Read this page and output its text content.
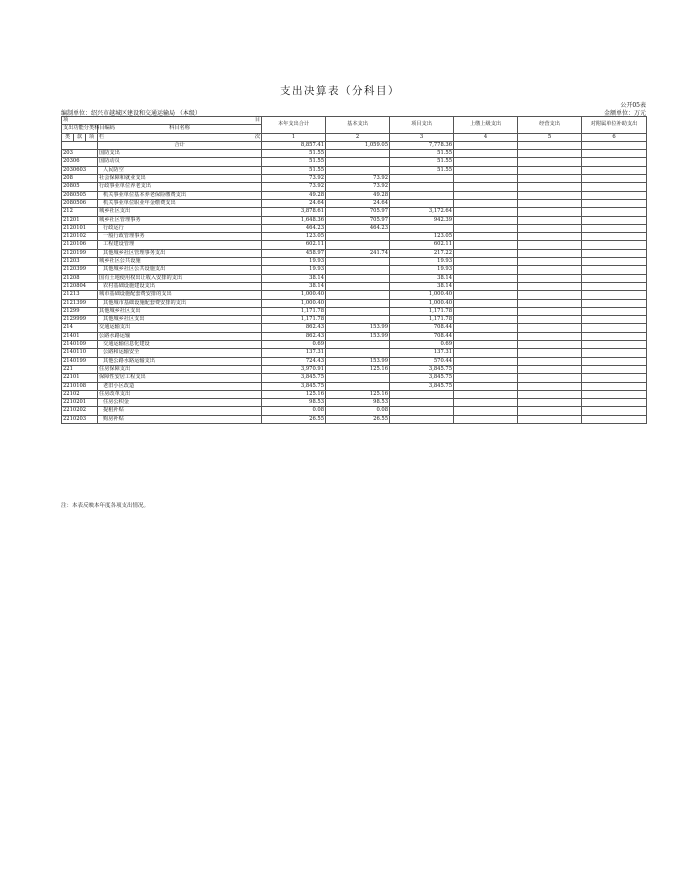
支出决算表（分科目）
公开05表
编制单位：绍兴市越城区建设和交通运输局 （本级）	金额单位：万元
项 目				本年支出合计	基本支出	项目支出	上缴上级支出	经营支出	对附属单位补助支出
支出功能分类科目编码			科目名称						
类	款	项	栏 次	1	2	3	4	5	6
			合计	8,857.41	1,059.05	7,778.36			
203			国防支出	51.55		51.55			
20306			国防动员	51.55		51.55			
2030603			人民防空	51.55		51.55			
208			社会保障和就业支出	73.92	73.92				
20805			行政事业单位养老支出	73.92	73.92				
2080505			机关事业单位基本养老保险缴费支出	49.28	49.28				
2080506			机关事业单位职业年金缴费支出	24.64	24.64				
212			城乡社区支出	3,878.61	705.97	3,172.64			
21201			城乡社区管理事务	1,648.36	705.97	942.39			
2120101			行政运行	464.23	464.23				
2120102			一般行政管理事务	123.05		123.05			
2120106			工程建设管理	602.11		602.11			
2120199			其他城乡社区管理事务支出	458.97	241.74	217.22			
21203			城乡社区公共设施	19.93		19.93			
2120399			其他城乡社区公共设施支出	19.93		19.93			
21208			国有土地使用权出让收入安排的支出	38.14		38.14			
2120804			农村基础设施建设支出	38.14		38.14			
21213			城市基础设施配套费安排的支出	1,000.40		1,000.40			
2121399			其他城市基础设施配套费安排的支出	1,000.40		1,000.40			
21299			其他城乡社区支出	1,171.78		1,171.78			
2129999			其他城乡社区支出	1,171.78		1,171.78			
214			交通运输支出	862.43	153.99	708.44			
21401			公路水路运输	862.43	153.99	708.44			
2140109			交通运输信息化建设	0.69		0.69			
2140110			公路和运输安全	137.31		137.31			
2140199			其他公路水路运输支出	724.43	153.99	570.44			
221			住房保障支出	3,970.91	125.16	3,845.75			
22101			保障性安居工程支出	3,845.75		3,845.75			
2210108			老旧小区改造	3,845.75		3,845.75			
22102			住房改革支出	125.16	125.16				
2210201			住房公积金	98.53	98.53				
2210202			提租补贴	0.08	0.08				
2210203			购房补贴	26.55	26.55				
注：本表反映本年度各项支出情况。
